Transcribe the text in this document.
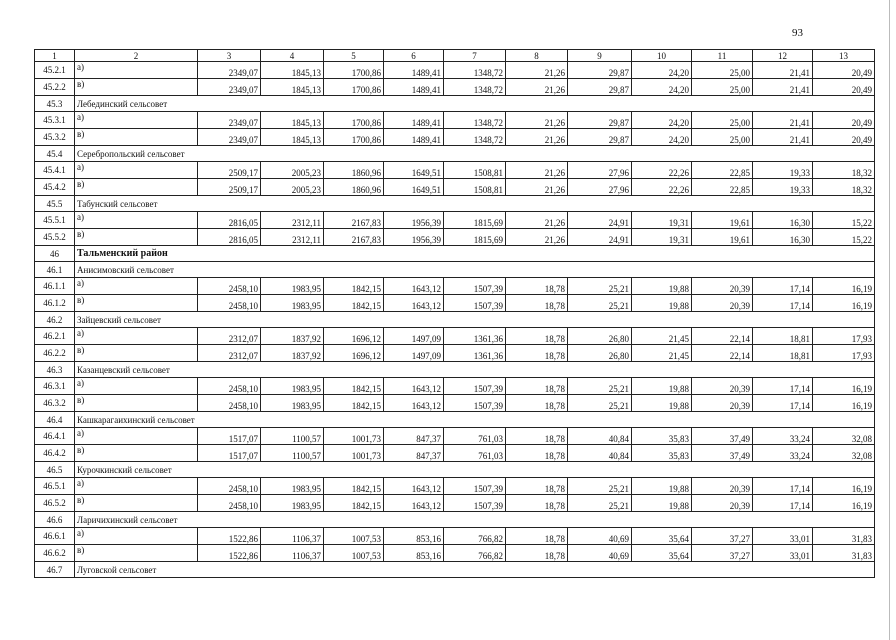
93
1	2	3	4	5	6	7	8	9	10	11	12	13
45.2.1	а)	2349,07	1845,13	1700,86	1489,41	1348,72	21,26	29,87	24,20	25,00	21,41	20,49
45.2.2	в)	2349,07	1845,13	1700,86	1489,41	1348,72	21,26	29,87	24,20	25,00	21,41	20,49
45.3	Лебединский сельсовет											
45.3.1	а)	2349,07	1845,13	1700,86	1489,41	1348,72	21,26	29,87	24,20	25,00	21,41	20,49
45.3.2	в)	2349,07	1845,13	1700,86	1489,41	1348,72	21,26	29,87	24,20	25,00	21,41	20,49
45.4	Серебропольский сельсовет											
45.4.1	а)	2509,17	2005,23	1860,96	1649,51	1508,81	21,26	27,96	22,26	22,85	19,33	18,32
45.4.2	в)	2509,17	2005,23	1860,96	1649,51	1508,81	21,26	27,96	22,26	22,85	19,33	18,32
45.5	Табунский сельсовет											
45.5.1	а)	2816,05	2312,11	2167,83	1956,39	1815,69	21,26	24,91	19,31	19,61	16,30	15,22
45.5.2	в)	2816,05	2312,11	2167,83	1956,39	1815,69	21,26	24,91	19,31	19,61	16,30	15,22
46	Тальменский район											
46.1	Анисимовский сельсовет											
46.1.1	а)	2458,10	1983,95	1842,15	1643,12	1507,39	18,78	25,21	19,88	20,39	17,14	16,19
46.1.2	в)	2458,10	1983,95	1842,15	1643,12	1507,39	18,78	25,21	19,88	20,39	17,14	16,19
46.2	Зайцевский сельсовет											
46.2.1	а)	2312,07	1837,92	1696,12	1497,09	1361,36	18,78	26,80	21,45	22,14	18,81	17,93
46.2.2	в)	2312,07	1837,92	1696,12	1497,09	1361,36	18,78	26,80	21,45	22,14	18,81	17,93
46.3	Казанцевский сельсовет											
46.3.1	а)	2458,10	1983,95	1842,15	1643,12	1507,39	18,78	25,21	19,88	20,39	17,14	16,19
46.3.2	в)	2458,10	1983,95	1842,15	1643,12	1507,39	18,78	25,21	19,88	20,39	17,14	16,19
46.4	Кашкарагаихинский сельсовет											
46.4.1	а)	1517,07	1100,57	1001,73	847,37	761,03	18,78	40,84	35,83	37,49	33,24	32,08
46.4.2	в)	1517,07	1100,57	1001,73	847,37	761,03	18,78	40,84	35,83	37,49	33,24	32,08
46.5	Курочкинский сельсовет											
46.5.1	а)	2458,10	1983,95	1842,15	1643,12	1507,39	18,78	25,21	19,88	20,39	17,14	16,19
46.5.2	в)	2458,10	1983,95	1842,15	1643,12	1507,39	18,78	25,21	19,88	20,39	17,14	16,19
46.6	Ларичихинский сельсовет											
46.6.1	а)	1522,86	1106,37	1007,53	853,16	766,82	18,78	40,69	35,64	37,27	33,01	31,83
46.6.2	в)	1522,86	1106,37	1007,53	853,16	766,82	18,78	40,69	35,64	37,27	33,01	31,83
46.7	Луговской сельсовет											
